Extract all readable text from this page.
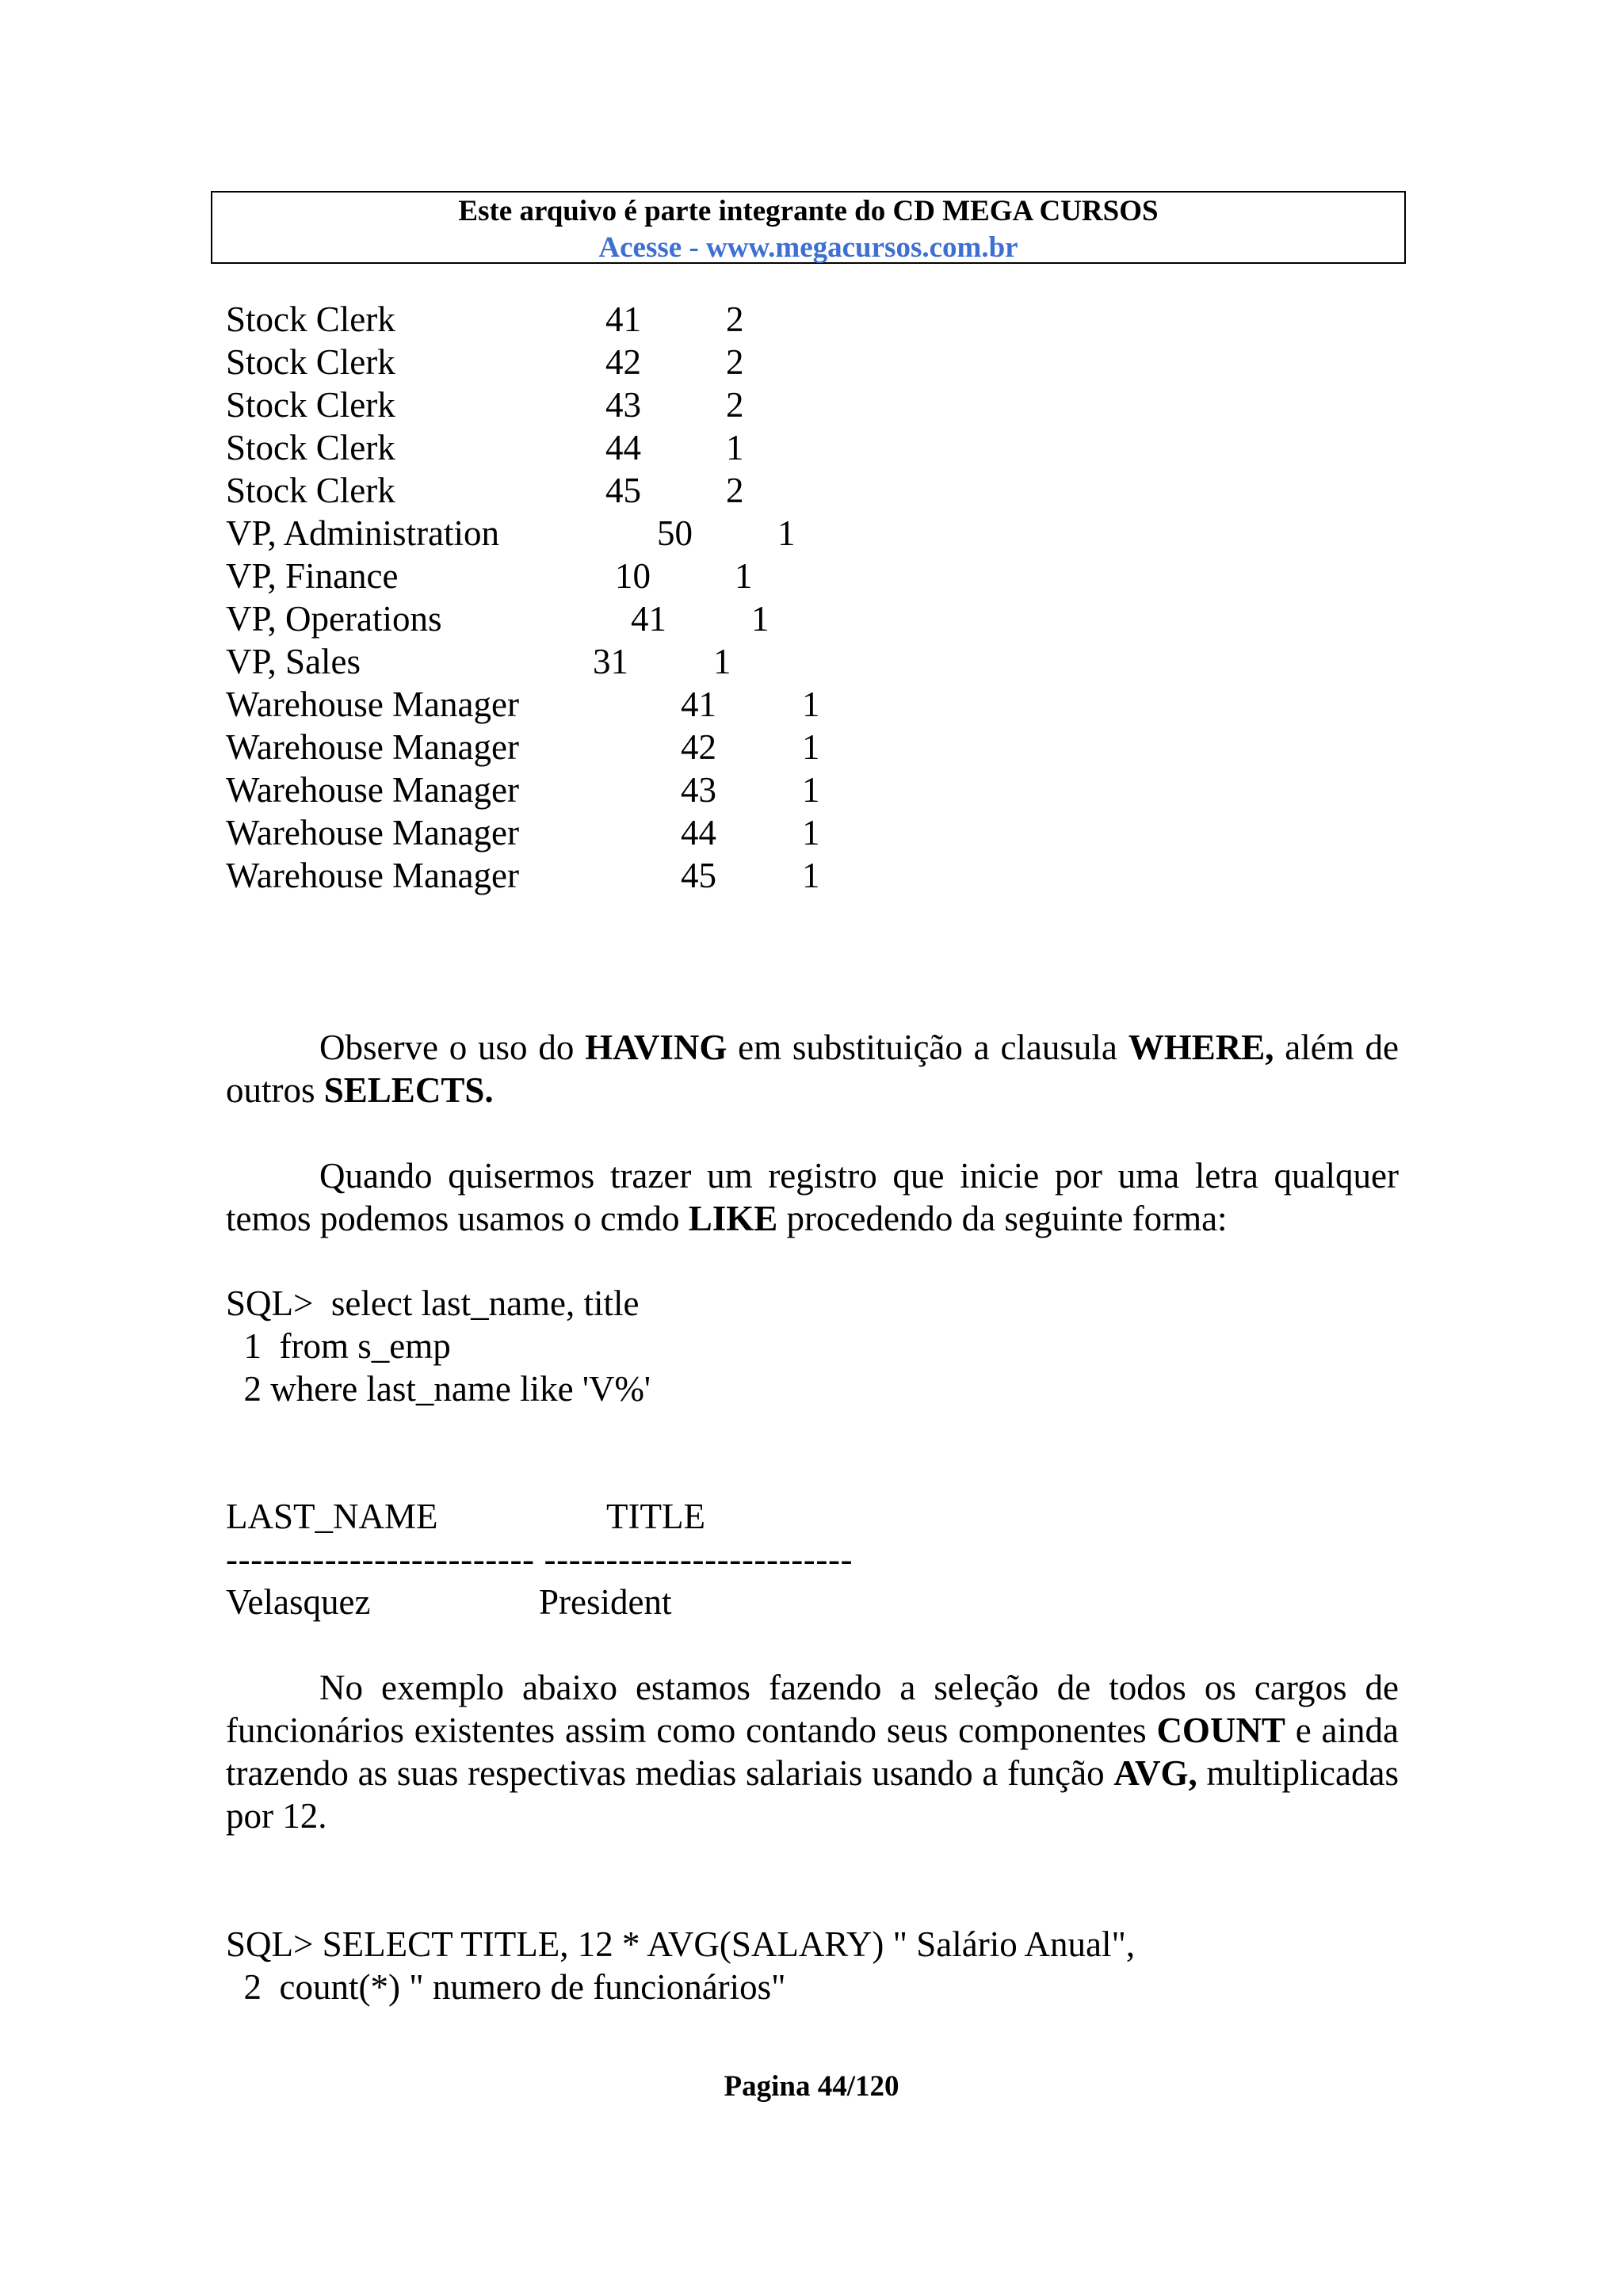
Este arquivo é parte integrante do CD MEGA CURSOS
Acesse - www.megacursos.com.br
Stock Clerk	41 2
Stock Clerk	42 2
Stock Clerk	43 2
Stock Clerk	44 1
Stock Clerk	45 2
VP, Administration	50 1
VP, Finance	10 1
VP, Operations	41 1
VP, Sales	31 1
Warehouse Manager	41 1
Warehouse Manager	42 1
Warehouse Manager	43 1
Warehouse Manager	44 1
Warehouse Manager	45 1
Observe o uso do HAVING em substituição a clausula WHERE, além de outros SELECTS.
Quando quisermos trazer um registro que inicie por uma letra qualquer temos podemos usamos o cmdo LIKE procedendo da seguinte forma:
SQL>  select last_name, title
1  from s_emp
2 where last_name like 'V%'
LAST_NAME	TITLE
------------------------- -------------------------
Velasquez	President
No exemplo abaixo estamos fazendo a seleção de todos os cargos de funcionários existentes assim como contando seus componentes COUNT e ainda trazendo as suas respectivas medias salariais usando a função AVG, multiplicadas por 12.
SQL> SELECT TITLE, 12 * AVG(SALARY) " Salário Anual",
2  count(*) " numero de funcionários"
Pagina 44/120
